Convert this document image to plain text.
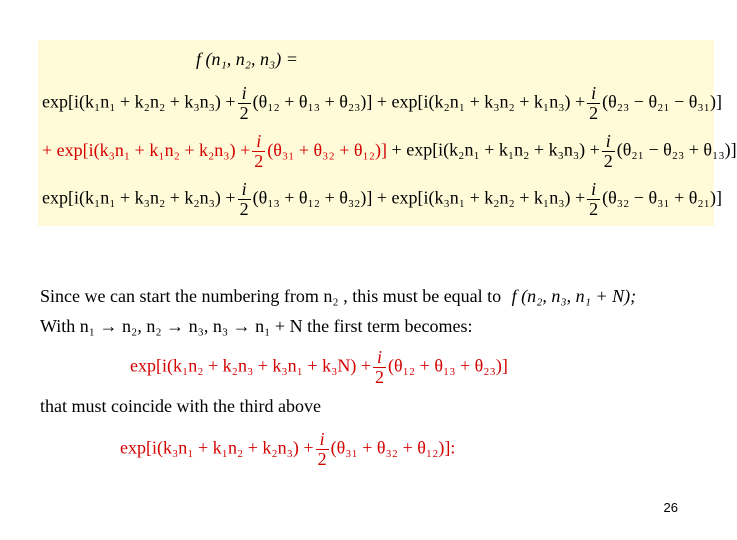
f (n₁, n₂, n₃) =
$\exp[i(k_1n_1 + k_2n_2 + k_3n_3) + \frac{i}{2} (\theta_{12} + \theta_{13} + \theta_{23})] + \exp[i(k_2n_1 + k_3n_2 + k_1n_3) + \frac{i}{2} (\theta_{23} - \theta_{21} - \theta_{31})]$
+ $\exp[i(k_3n_1 + k_1n_2 + k_2n_3) + \frac{i}{2} (\theta_{31} + \theta_{32} + \theta_{12})] + \exp[i(k_2n_1 + k_1n_2 + k_3n_3) + \frac{i}{2} (\theta_{21} - \theta_{23} + \theta_{13})]$
$\exp[i(k_1n_1 + k_3n_2 + k_2n_3) + \frac{i}{2} (\theta_{13} + \theta_{12} + \theta_{32})] + \exp[i(k_3n_1 + k_2n_2 + k_1n_3) + \frac{i}{2} (\theta_{32} - \theta_{31} + \theta_{21})]$
Since we can start the numbering from n₂ , this must be equal to f (n₂, n₃, n₁ + N);
With n₁ → n₂, n₂ → n₃, n₃ → n₁ + N the first term becomes:
$\exp[i(k_1n_2 + k_2n_3 + k_3n_1 + k_3N) + \frac{i}{2} (\theta_{12} + \theta_{13} + \theta_{23})]$
that must coincide with the third above
$\exp[i(k_3n_1 + k_1n_2 + k_2n_3) + \frac{i}{2} (\theta_{31} + \theta_{32} + \theta_{12})]$:
26
